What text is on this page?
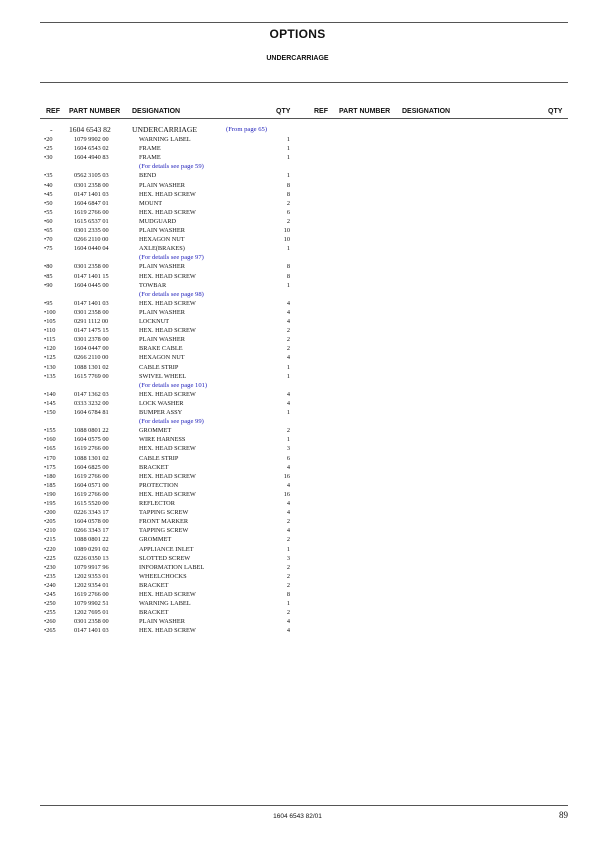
OPTIONS
UNDERCARRIAGE
REF PART NUMBER DESIGNATION	QTY	REF PART NUMBER DESIGNATION	QTY
- 1604 6543 82	UNDERCARRIAGE	(From page 65)
•20	1079 9902 00	WARNING LABEL	1
•25	1604 6543 02	FRAME	1
•30	1604 4940 83	FRAME	1
(For details see page 59)
•35	0562 3105 03	BEND	1
•40	0301 2358 00	PLAIN WASHER	8
•45	0147 1401 03	HEX. HEAD SCREW	8
•50	1604 6847 01	MOUNT	2
•55	1619 2766 00	HEX. HEAD SCREW	6
•60	1615 6537 01	MUDGUARD	2
•65	0301 2335 00	PLAIN WASHER	10
•70	0266 2110 00	HEXAGON NUT	10
•75	1604 0440 04	AXLE(BRAKES)	1
(For details see page 97)
•80	0301 2358 00	PLAIN WASHER	8
•85	0147 1401 15	HEX. HEAD SCREW	8
•90	1604 0445 00	TOWBAR	1
(For details see page 98)
•95	0147 1401 03	HEX. HEAD SCREW	4
•100	0301 2358 00	PLAIN WASHER	4
•105	0291 1112 00	LOCKNUT	4
•110	0147 1475 15	HEX. HEAD SCREW	2
•115	0301 2378 00	PLAIN WASHER	2
•120	1604 0447 00	BRAKE CABLE	2
•125	0266 2110 00	HEXAGON NUT	4
•130	1088 1301 02	CABLE STRIP	1
•135	1615 7769 00	SWIVEL WHEEL	1
(For details see page 101)
•140	0147 1362 03	HEX. HEAD SCREW	4
•145	0333 3232 00	LOCK WASHER	4
•150	1604 6784 81	BUMPER ASSY	1
(For details see page 99)
•155	1088 0801 22	GROMMET	2
•160	1604 0575 00	WIRE HARNESS	1
•165	1619 2766 00	HEX. HEAD SCREW	3
•170	1088 1301 02	CABLE STRIP	6
•175	1604 6825 00	BRACKET	4
•180	1619 2766 00	HEX. HEAD SCREW	16
•185	1604 0571 00	PROTECTION	4
•190	1619 2766 00	HEX. HEAD SCREW	16
•195	1615 5520 00	REFLECTOR	4
•200	0226 3343 17	TAPPING SCREW	4
•205	1604 0578 00	FRONT MARKER	2
•210	0266 3343 17	TAPPING SCREW	4
•215	1088 0801 22	GROMMET	2
•220	1089 0291 02	APPLIANCE INLET	1
•225	0226 0350 13	SLOTTED SCREW	3
•230	1079 9917 96	INFORMATION LABEL	2
•235	1202 9353 01	WHEELCHOCKS	2
•240	1202 9354 01	BRACKET	2
•245	1619 2766 00	HEX. HEAD SCREW	8
•250	1079 9902 51	WARNING LABEL	1
•255	1202 7695 01	BRACKET	2
•260	0301 2358 00	PLAIN WASHER	4
•265	0147 1401 03	HEX. HEAD SCREW	4
1604 6543 82/01	89
